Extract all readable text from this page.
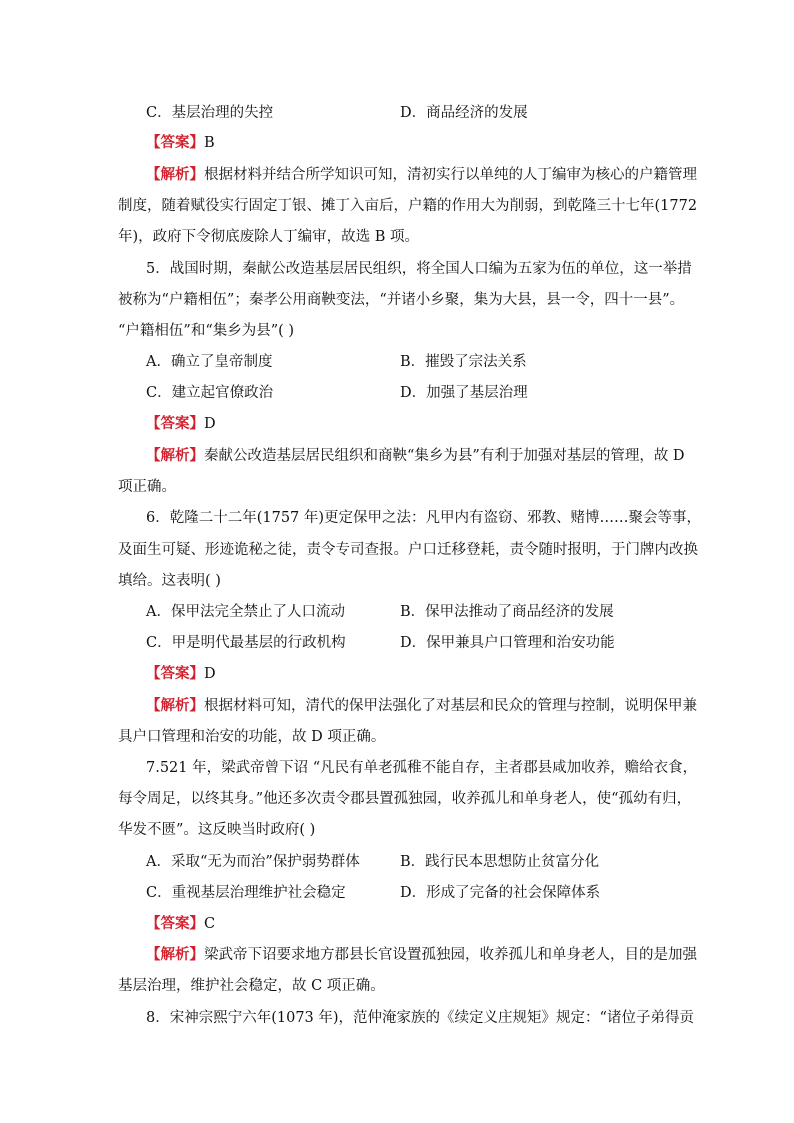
C．基层治理的失控	D．商品经济的发展
【答案】B
【解析】根据材料并结合所学知识可知，清初实行以单纯的人丁编审为核心的户籍管理
制度，随着赋役实行固定丁银、摊丁入亩后，户籍的作用大为削弱，到乾隆三十七年(1772
年)，政府下令彻底废除人丁编审，故选 B 项。
5．战国时期，秦献公改造基层居民组织，将全国人口编为五家为伍的单位，这一举措
被称为“户籍相伍”；秦孝公用商鞅变法，“并诸小乡聚，集为大县，县一令，四十一县”。
“户籍相伍”和“集乡为县”( )
A．确立了皇帝制度	B．摧毁了宗法关系
C．建立起官僚政治	D．加强了基层治理
【答案】D
【解析】秦献公改造基层居民组织和商鞅“集乡为县”有利于加强对基层的管理，故 D
项正确。
6．乾隆二十二年(1757 年)更定保甲之法：凡甲内有盗窃、邪教、赌博……聚会等事，
及面生可疑、形迹诡秘之徒，责令专司查报。户口迁移登耗，责令随时报明，于门牌内改换
填给。这表明( )
A．保甲法完全禁止了人口流动	B．保甲法推动了商品经济的发展
C．甲是明代最基层的行政机构	D．保甲兼具户口管理和治安功能
【答案】D
【解析】根据材料可知，清代的保甲法强化了对基层和民众的管理与控制，说明保甲兼
具户口管理和治安的功能，故 D 项正确。
7.521 年，梁武帝曾下诏 “凡民有单老孤稚不能自存，主者郡县咸加收养，赡给衣食，
每令周足，以终其身。”他还多次责令郡县置孤独园，收养孤儿和单身老人，使“孤幼有归，
华发不匮”。这反映当时政府( )
A．采取“无为而治”保护弱势群体	B．践行民本思想防止贫富分化
C．重视基层治理维护社会稳定	D．形成了完备的社会保障体系
【答案】C
【解析】梁武帝下诏要求地方郡县长官设置孤独园，收养孤儿和单身老人，目的是加强
基层治理，维护社会稳定，故 C 项正确。
8．宋神宗熙宁六年(1073 年)，范仲淹家族的《续定义庄规矩》规定：“诸位子弟得贡
